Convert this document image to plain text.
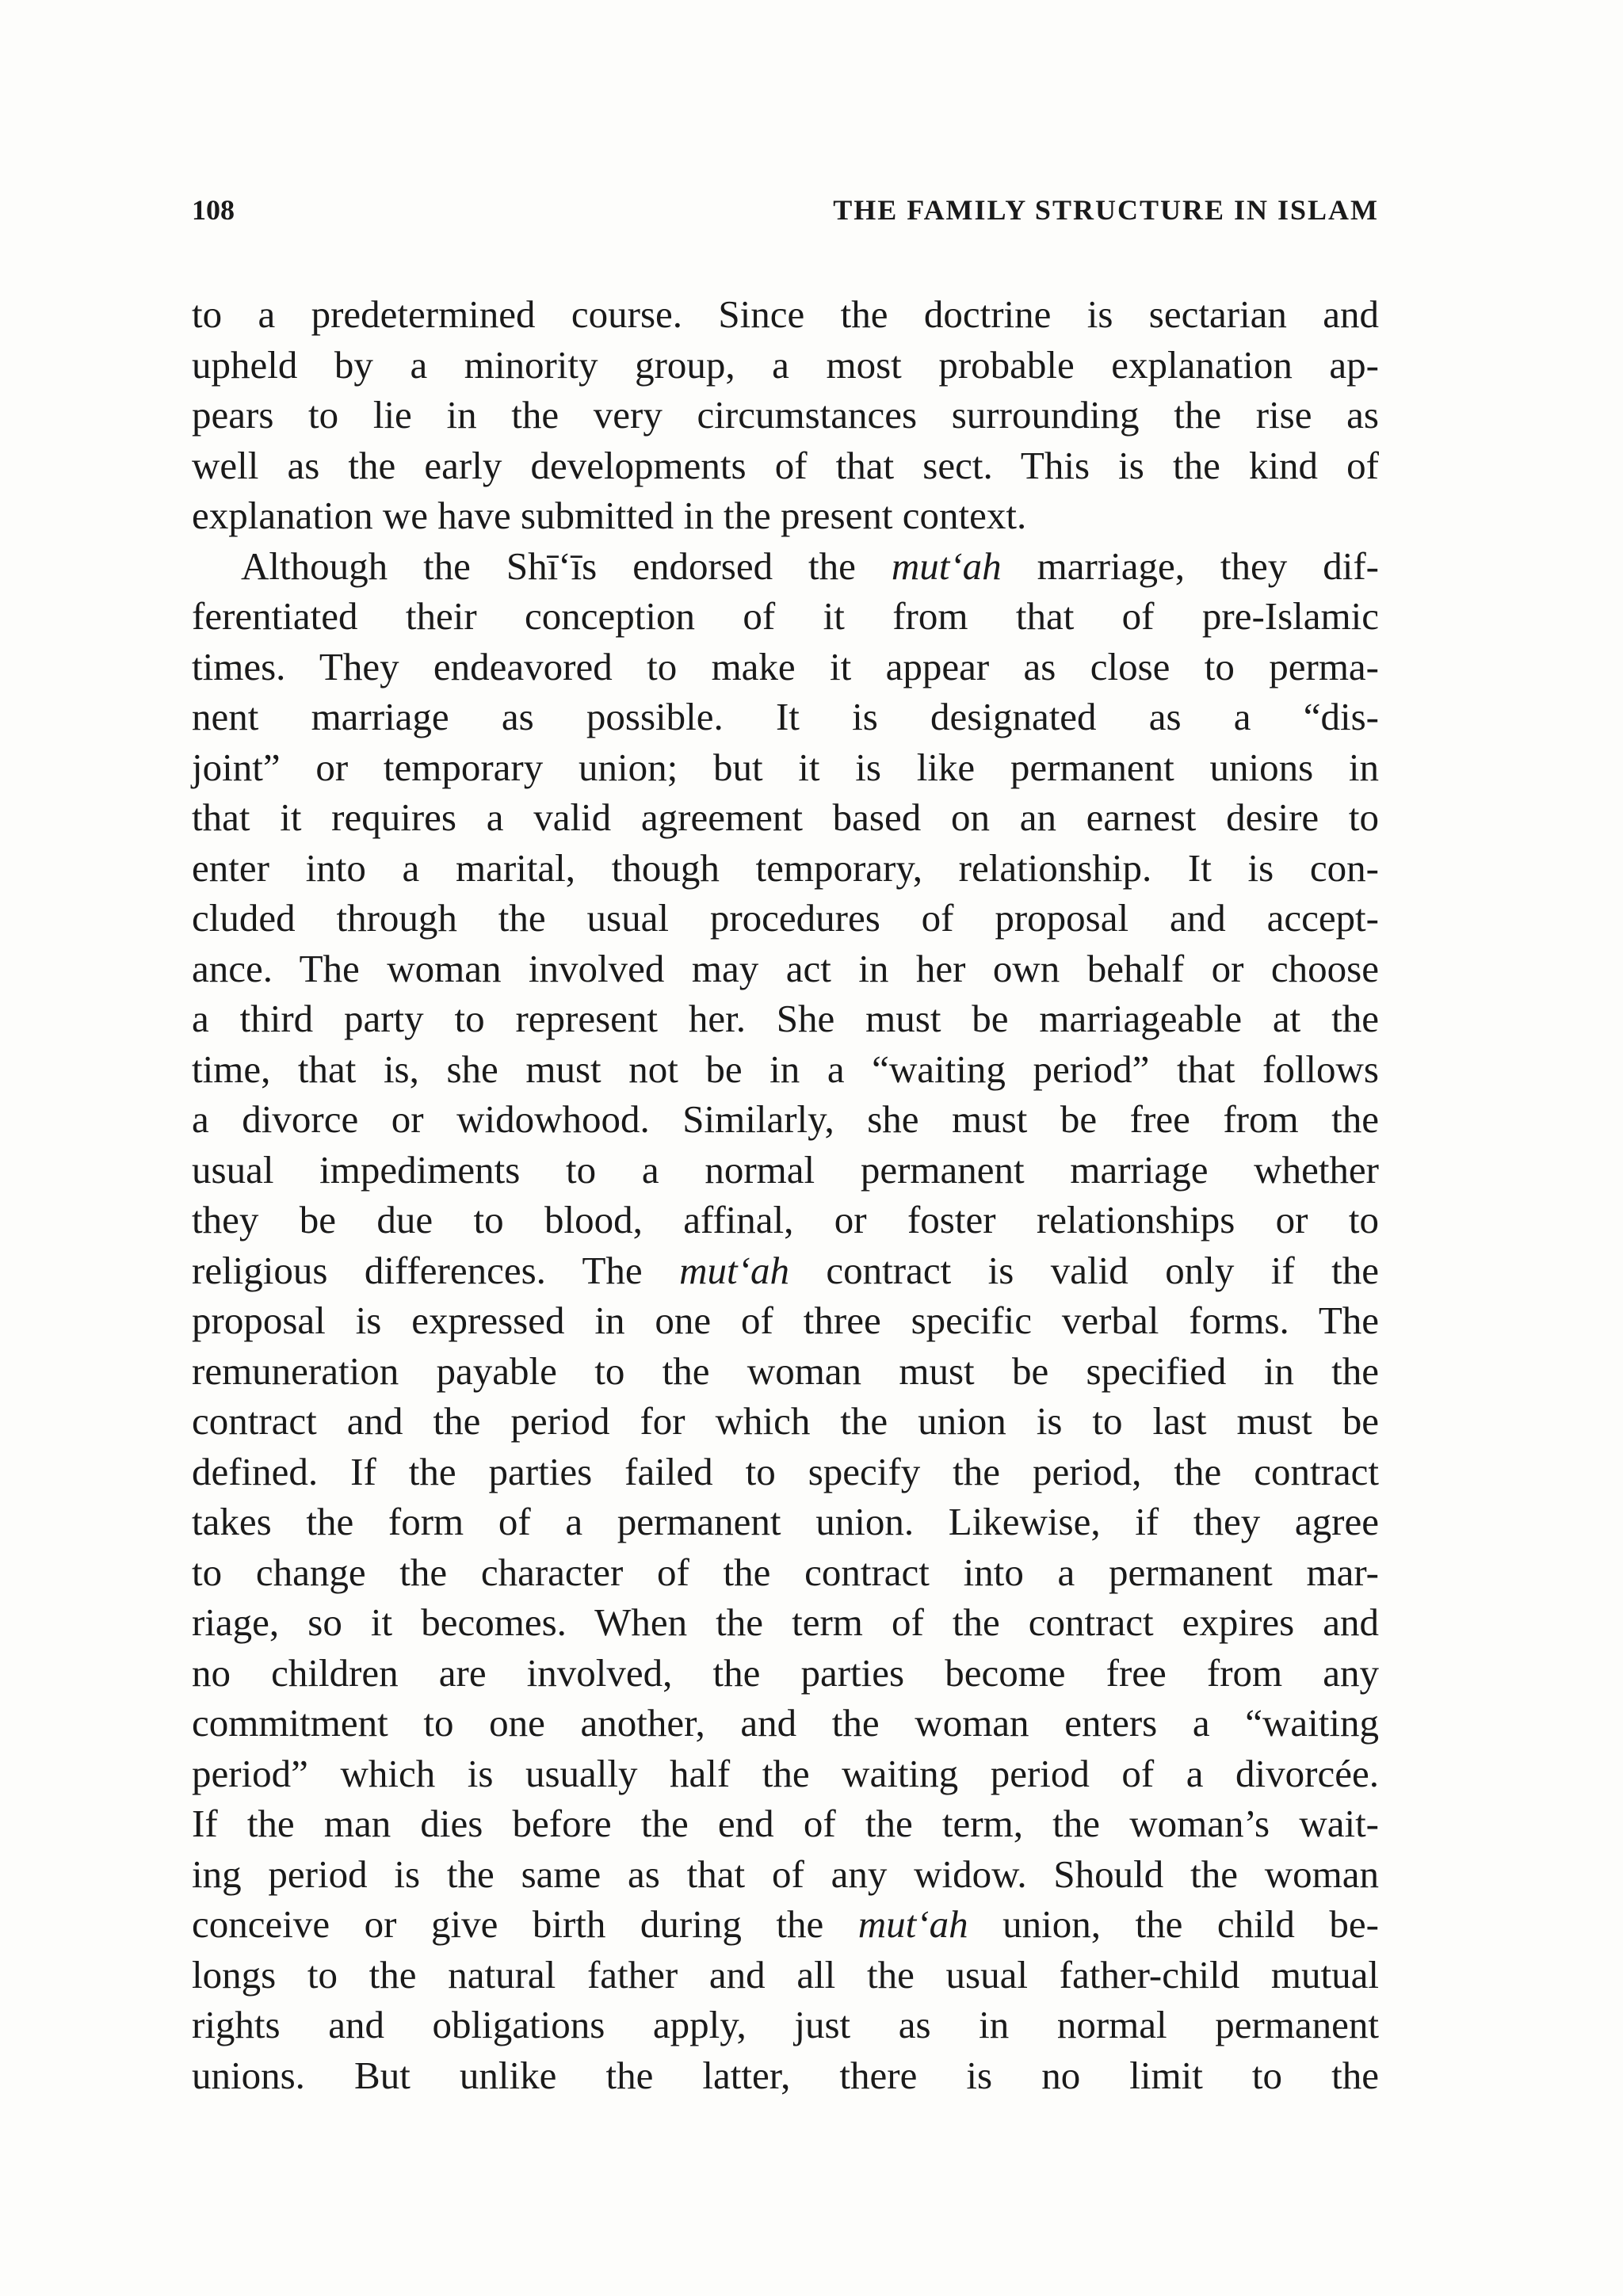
108	THE FAMILY STRUCTURE IN ISLAM

to a predetermined course. Since the doctrine is sectarian and
upheld by a minority group, a most probable explanation ap-
pears to lie in the very circumstances surrounding the rise as
well as the early developments of that sect. This is the kind of
explanation we have submitted in the present context.

Although the Shī‘īs endorsed the mut‘ah marriage, they dif-
ferentiated their conception of it from that of pre-Islamic
times. They endeavored to make it appear as close to perma-
nent marriage as possible. It is designated as a “dis-
joint” or temporary union; but it is like permanent unions in
that it requires a valid agreement based on an earnest desire to
enter into a marital, though temporary, relationship. It is con-
cluded through the usual procedures of proposal and accept-
ance. The woman involved may act in her own behalf or choose
a third party to represent her. She must be marriageable at the
time, that is, she must not be in a “waiting period” that follows
a divorce or widowhood. Similarly, she must be free from the
usual impediments to a normal permanent marriage whether
they be due to blood, affinal, or foster relationships or to
religious differences. The mut‘ah contract is valid only if the
proposal is expressed in one of three specific verbal forms. The
remuneration payable to the woman must be specified in the
contract and the period for which the union is to last must be
defined. If the parties failed to specify the period, the contract
takes the form of a permanent union. Likewise, if they agree
to change the character of the contract into a permanent mar-
riage, so it becomes. When the term of the contract expires and
no children are involved, the parties become free from any
commitment to one another, and the woman enters a “waiting
period” which is usually half the waiting period of a divorcée.
If the man dies before the end of the term, the woman’s wait-
ing period is the same as that of any widow. Should the woman
conceive or give birth during the mut‘ah union, the child be-
longs to the natural father and all the usual father-child mutual
rights and obligations apply, just as in normal permanent
unions. But unlike the latter, there is no limit to the
